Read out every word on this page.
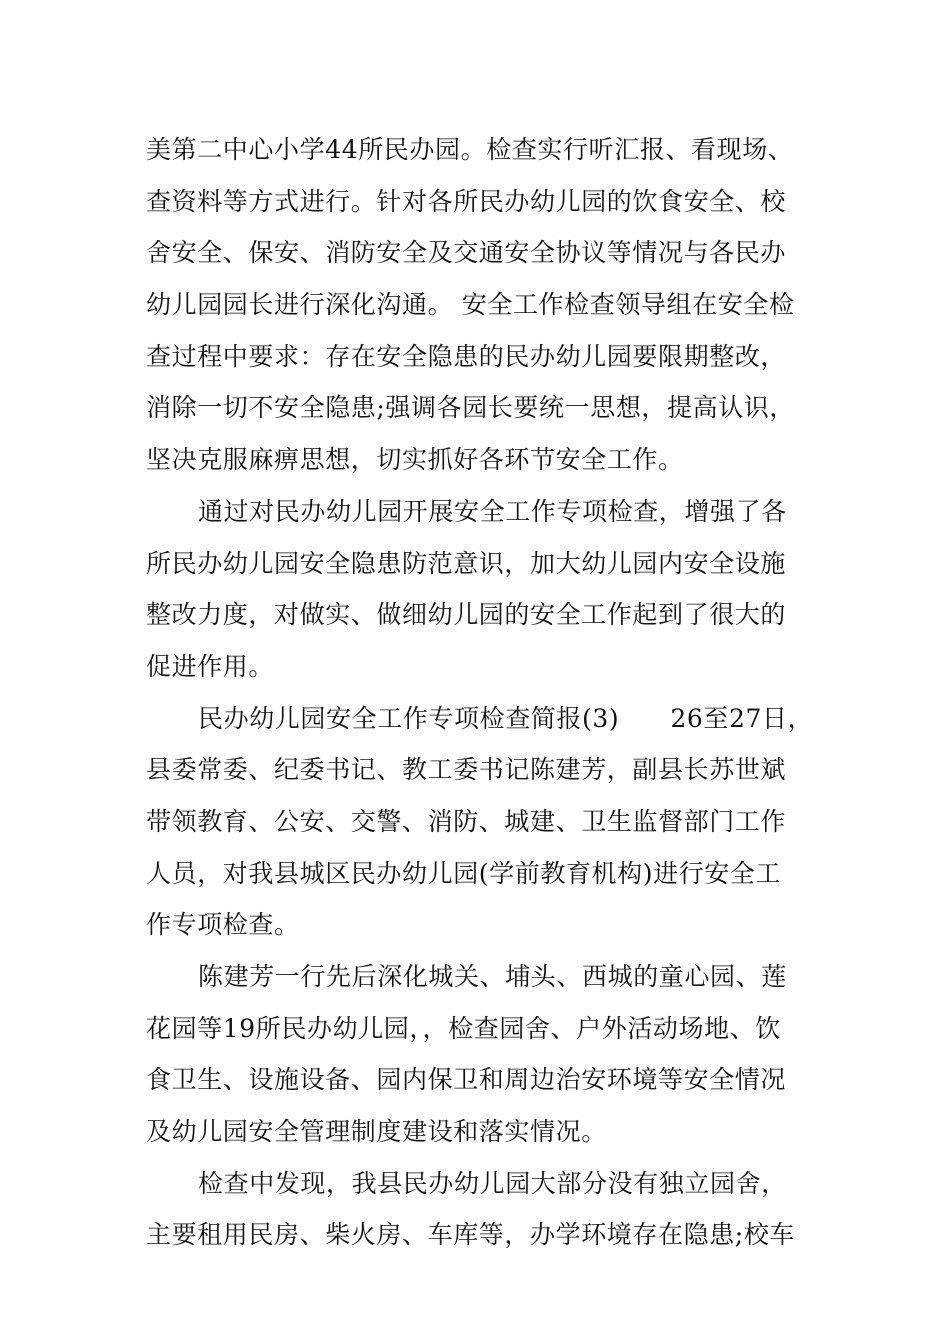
美第二中心小学44所民办园。检查实行听汇报、看现场、
查资料等方式进行。针对各所民办幼儿园的饮食安全、校
舍安全、保安、消防安全及交通安全协议等情况与各民办
幼儿园园长进行深化沟通。 安全工作检查领导组在安全检
查过程中要求：存在安全隐患的民办幼儿园要限期整改，
消除一切不安全隐患;强调各园长要统一思想，提高认识，
坚决克服麻痹思想，切实抓好各环节安全工作。
通过对民办幼儿园开展安全工作专项检查，增强了各
所民办幼儿园安全隐患防范意识，加大幼儿园内安全设施
整改力度，对做实、做细幼儿园的安全工作起到了很大的
促进作用。
民办幼儿园安全工作专项检查简报(3)　　26至27日，
县委常委、纪委书记、教工委书记陈建芳，副县长苏世斌
带领教育、公安、交警、消防、城建、卫生监督部门工作
人员，对我县城区民办幼儿园(学前教育机构)进行安全工
作专项检查。
陈建芳一行先后深化城关、埔头、西城的童心园、莲
花园等19所民办幼儿园，，检查园舍、户外活动场地、饮
食卫生、设施设备、园内保卫和周边治安环境等安全情况
及幼儿园安全管理制度建设和落实情况。
检查中发现，我县民办幼儿园大部分没有独立园舍，
主要租用民房、柴火房、车库等，办学环境存在隐患;校车
